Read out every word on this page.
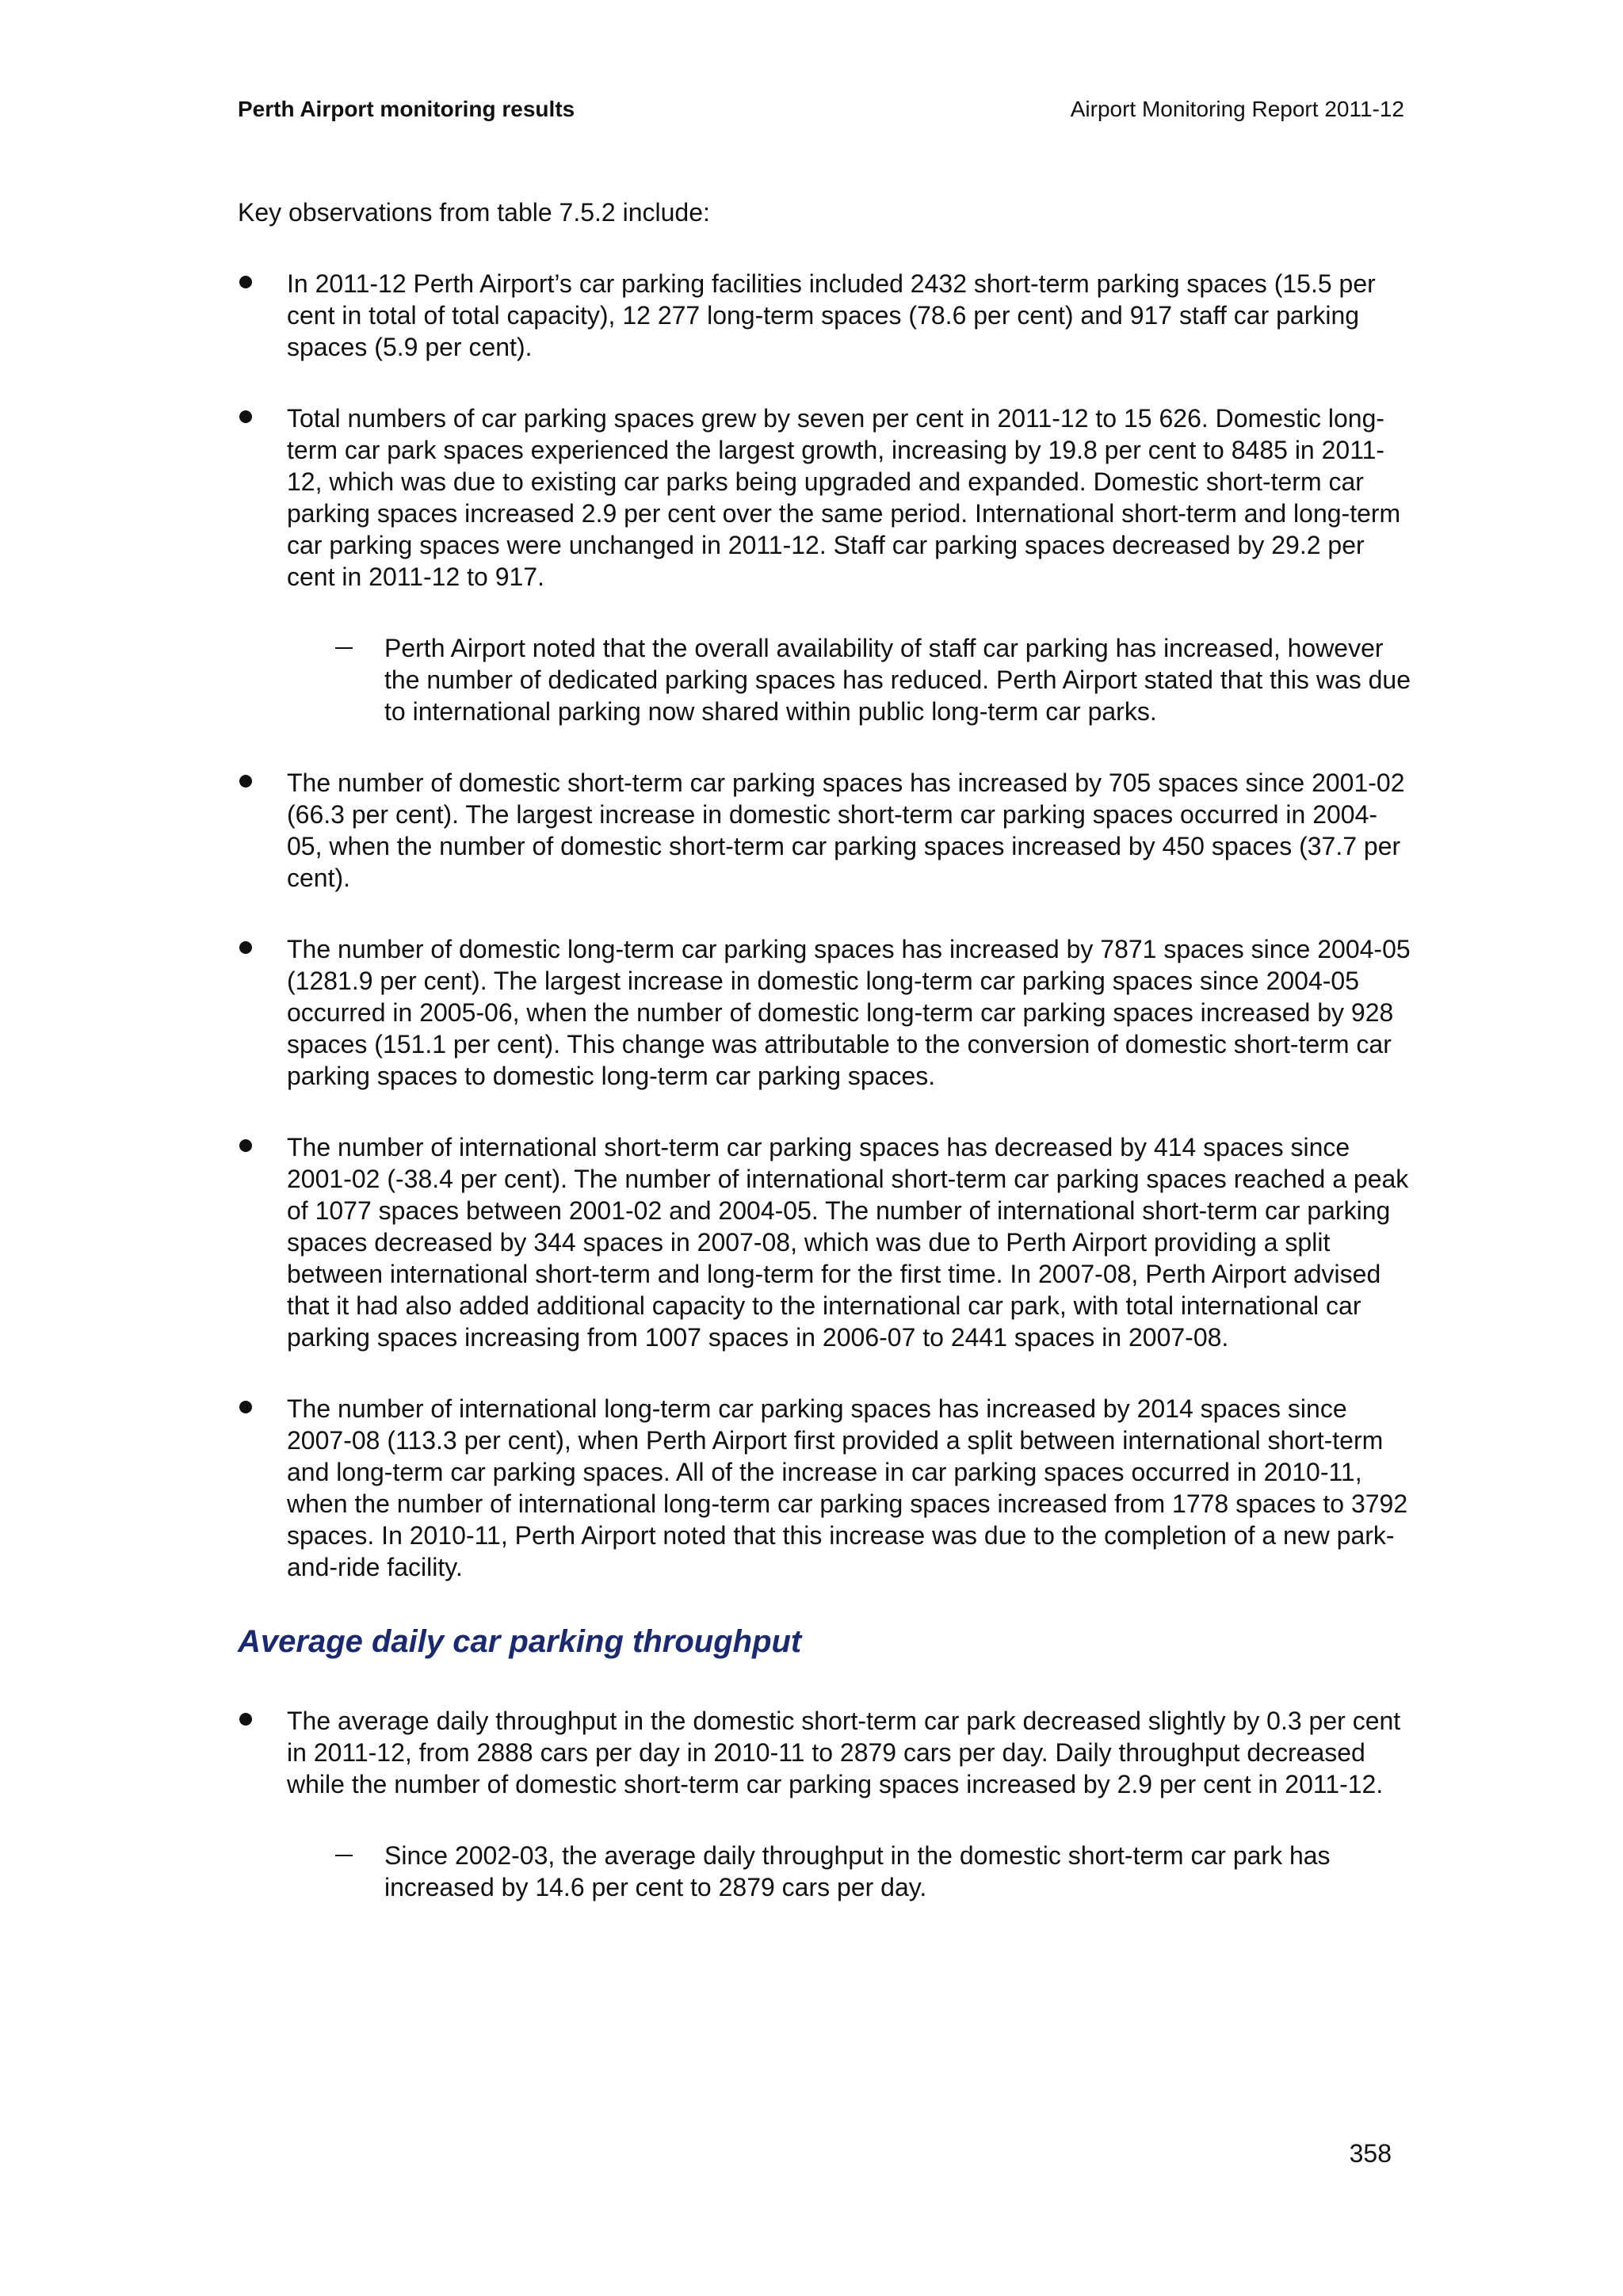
Perth Airport monitoring results	Airport Monitoring Report 2011-12

Key observations from table 7.5.2 include:

In 2011-12 Perth Airport’s car parking facilities included 2432 short-term parking spaces (15.5 per cent in total of total capacity), 12 277 long-term spaces (78.6 per cent) and 917 staff car parking spaces (5.9 per cent).
Total numbers of car parking spaces grew by seven per cent in 2011-12 to 15 626. Domestic long-term car park spaces experienced the largest growth, increasing by 19.8 per cent to 8485 in 2011-12, which was due to existing car parks being upgraded and expanded. Domestic short-term car parking spaces increased 2.9 per cent over the same period. International short-term and long-term car parking spaces were unchanged in 2011-12. Staff car parking spaces decreased by 29.2 per cent in 2011-12 to 917.
Perth Airport noted that the overall availability of staff car parking has increased, however the number of dedicated parking spaces has reduced. Perth Airport stated that this was due to international parking now shared within public long-term car parks.
The number of domestic short-term car parking spaces has increased by 705 spaces since 2001-02 (66.3 per cent). The largest increase in domestic short-term car parking spaces occurred in 2004-05, when the number of domestic short-term car parking spaces increased by 450 spaces (37.7 per cent).
The number of domestic long-term car parking spaces has increased by 7871 spaces since 2004-05 (1281.9 per cent). The largest increase in domestic long-term car parking spaces since 2004-05 occurred in 2005-06, when the number of domestic long-term car parking spaces increased by 928 spaces (151.1 per cent). This change was attributable to the conversion of domestic short-term car parking spaces to domestic long-term car parking spaces.
The number of international short-term car parking spaces has decreased by 414 spaces since 2001-02 (-38.4 per cent). The number of international short-term car parking spaces reached a peak of 1077 spaces between 2001-02 and 2004-05. The number of international short-term car parking spaces decreased by 344 spaces in 2007-08, which was due to Perth Airport providing a split between international short-term and long-term for the first time. In 2007-08, Perth Airport advised that it had also added additional capacity to the international car park, with total international car parking spaces increasing from 1007 spaces in 2006-07 to 2441 spaces in 2007-08.
The number of international long-term car parking spaces has increased by 2014 spaces since 2007-08 (113.3 per cent), when Perth Airport first provided a split between international short-term and long-term car parking spaces. All of the increase in car parking spaces occurred in 2010-11, when the number of international long-term car parking spaces increased from 1778 spaces to 3792 spaces. In 2010-11, Perth Airport noted that this increase was due to the completion of a new park-and-ride facility.
Average daily car parking throughput
The average daily throughput in the domestic short-term car park decreased slightly by 0.3 per cent in 2011-12, from 2888 cars per day in 2010-11 to 2879 cars per day. Daily throughput decreased while the number of domestic short-term car parking spaces increased by 2.9 per cent in 2011-12.
Since 2002-03, the average daily throughput in the domestic short-term car park has increased by 14.6 per cent to 2879 cars per day.
358
